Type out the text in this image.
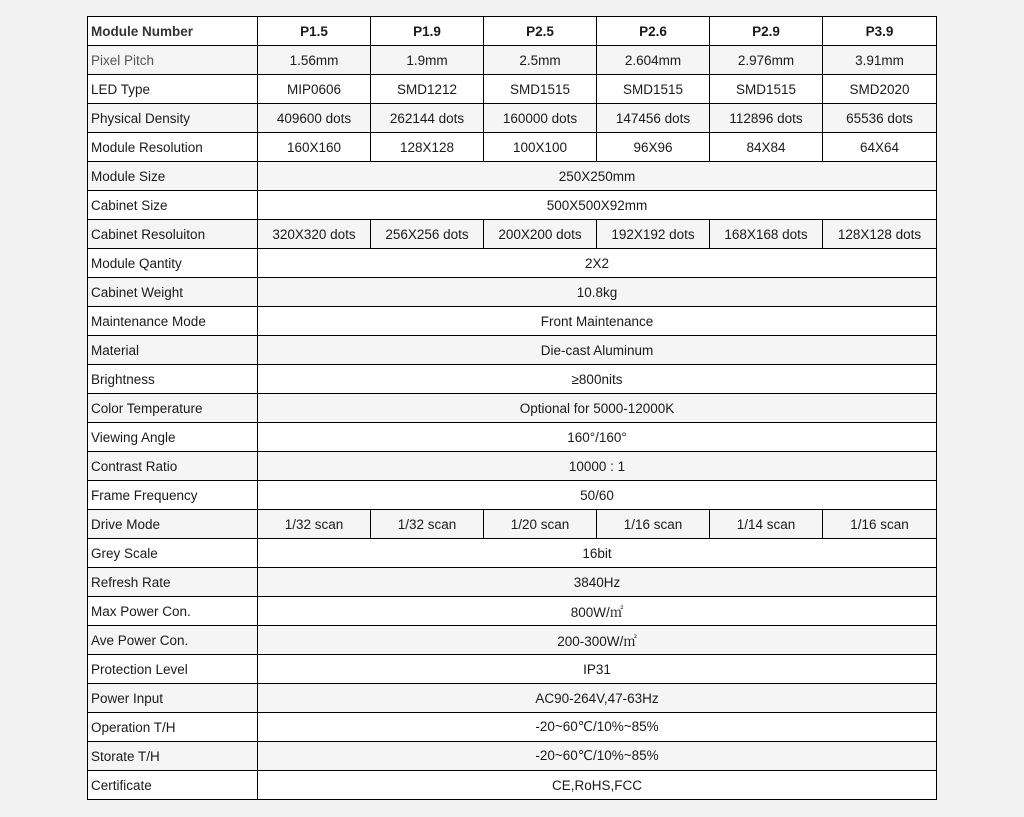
Module Number	P1.5	P1.9	P2.5	P2.6	P2.9	P3.9
Pixel Pitch	1.56mm	1.9mm	2.5mm	2.604mm	2.976mm	3.91mm
LED Type	MIP0606	SMD1212	SMD1515	SMD1515	SMD1515	SMD2020
Physical Density	409600 dots	262144 dots	160000 dots	147456 dots	112896 dots	65536 dots
Module Resolution	160X160	128X128	100X100	96X96	84X84	64X64
Module Size	250X250mm					
Cabinet Size	500X500X92mm					
Cabinet Resoluiton	320X320 dots	256X256 dots	200X200 dots	192X192 dots	168X168 dots	128X128 dots
Module Qantity	2X2					
Cabinet Weight	10.8kg					
Maintenance Mode	Front Maintenance					
Material	Die-cast Aluminum					
Brightness	≥800nits					
Color Temperature	Optional for 5000-12000K					
Viewing Angle	160°/160°					
Contrast Ratio	10000 : 1					
Frame Frequency	50/60					
Drive Mode	1/32 scan	1/32 scan	1/20 scan	1/16 scan	1/14 scan	1/16 scan
Grey Scale	16bit					
Refresh Rate	3840Hz					
Max Power Con.	800W/㎡					
Ave Power Con.	200-300W/㎡					
Protection Level	IP31					
Power Input	AC90-264V,47-63Hz					
Operation T/H	-20~60℃/10%~85%					
Storate T/H	-20~60℃/10%~85%					
Certificate	CE,RoHS,FCC					
